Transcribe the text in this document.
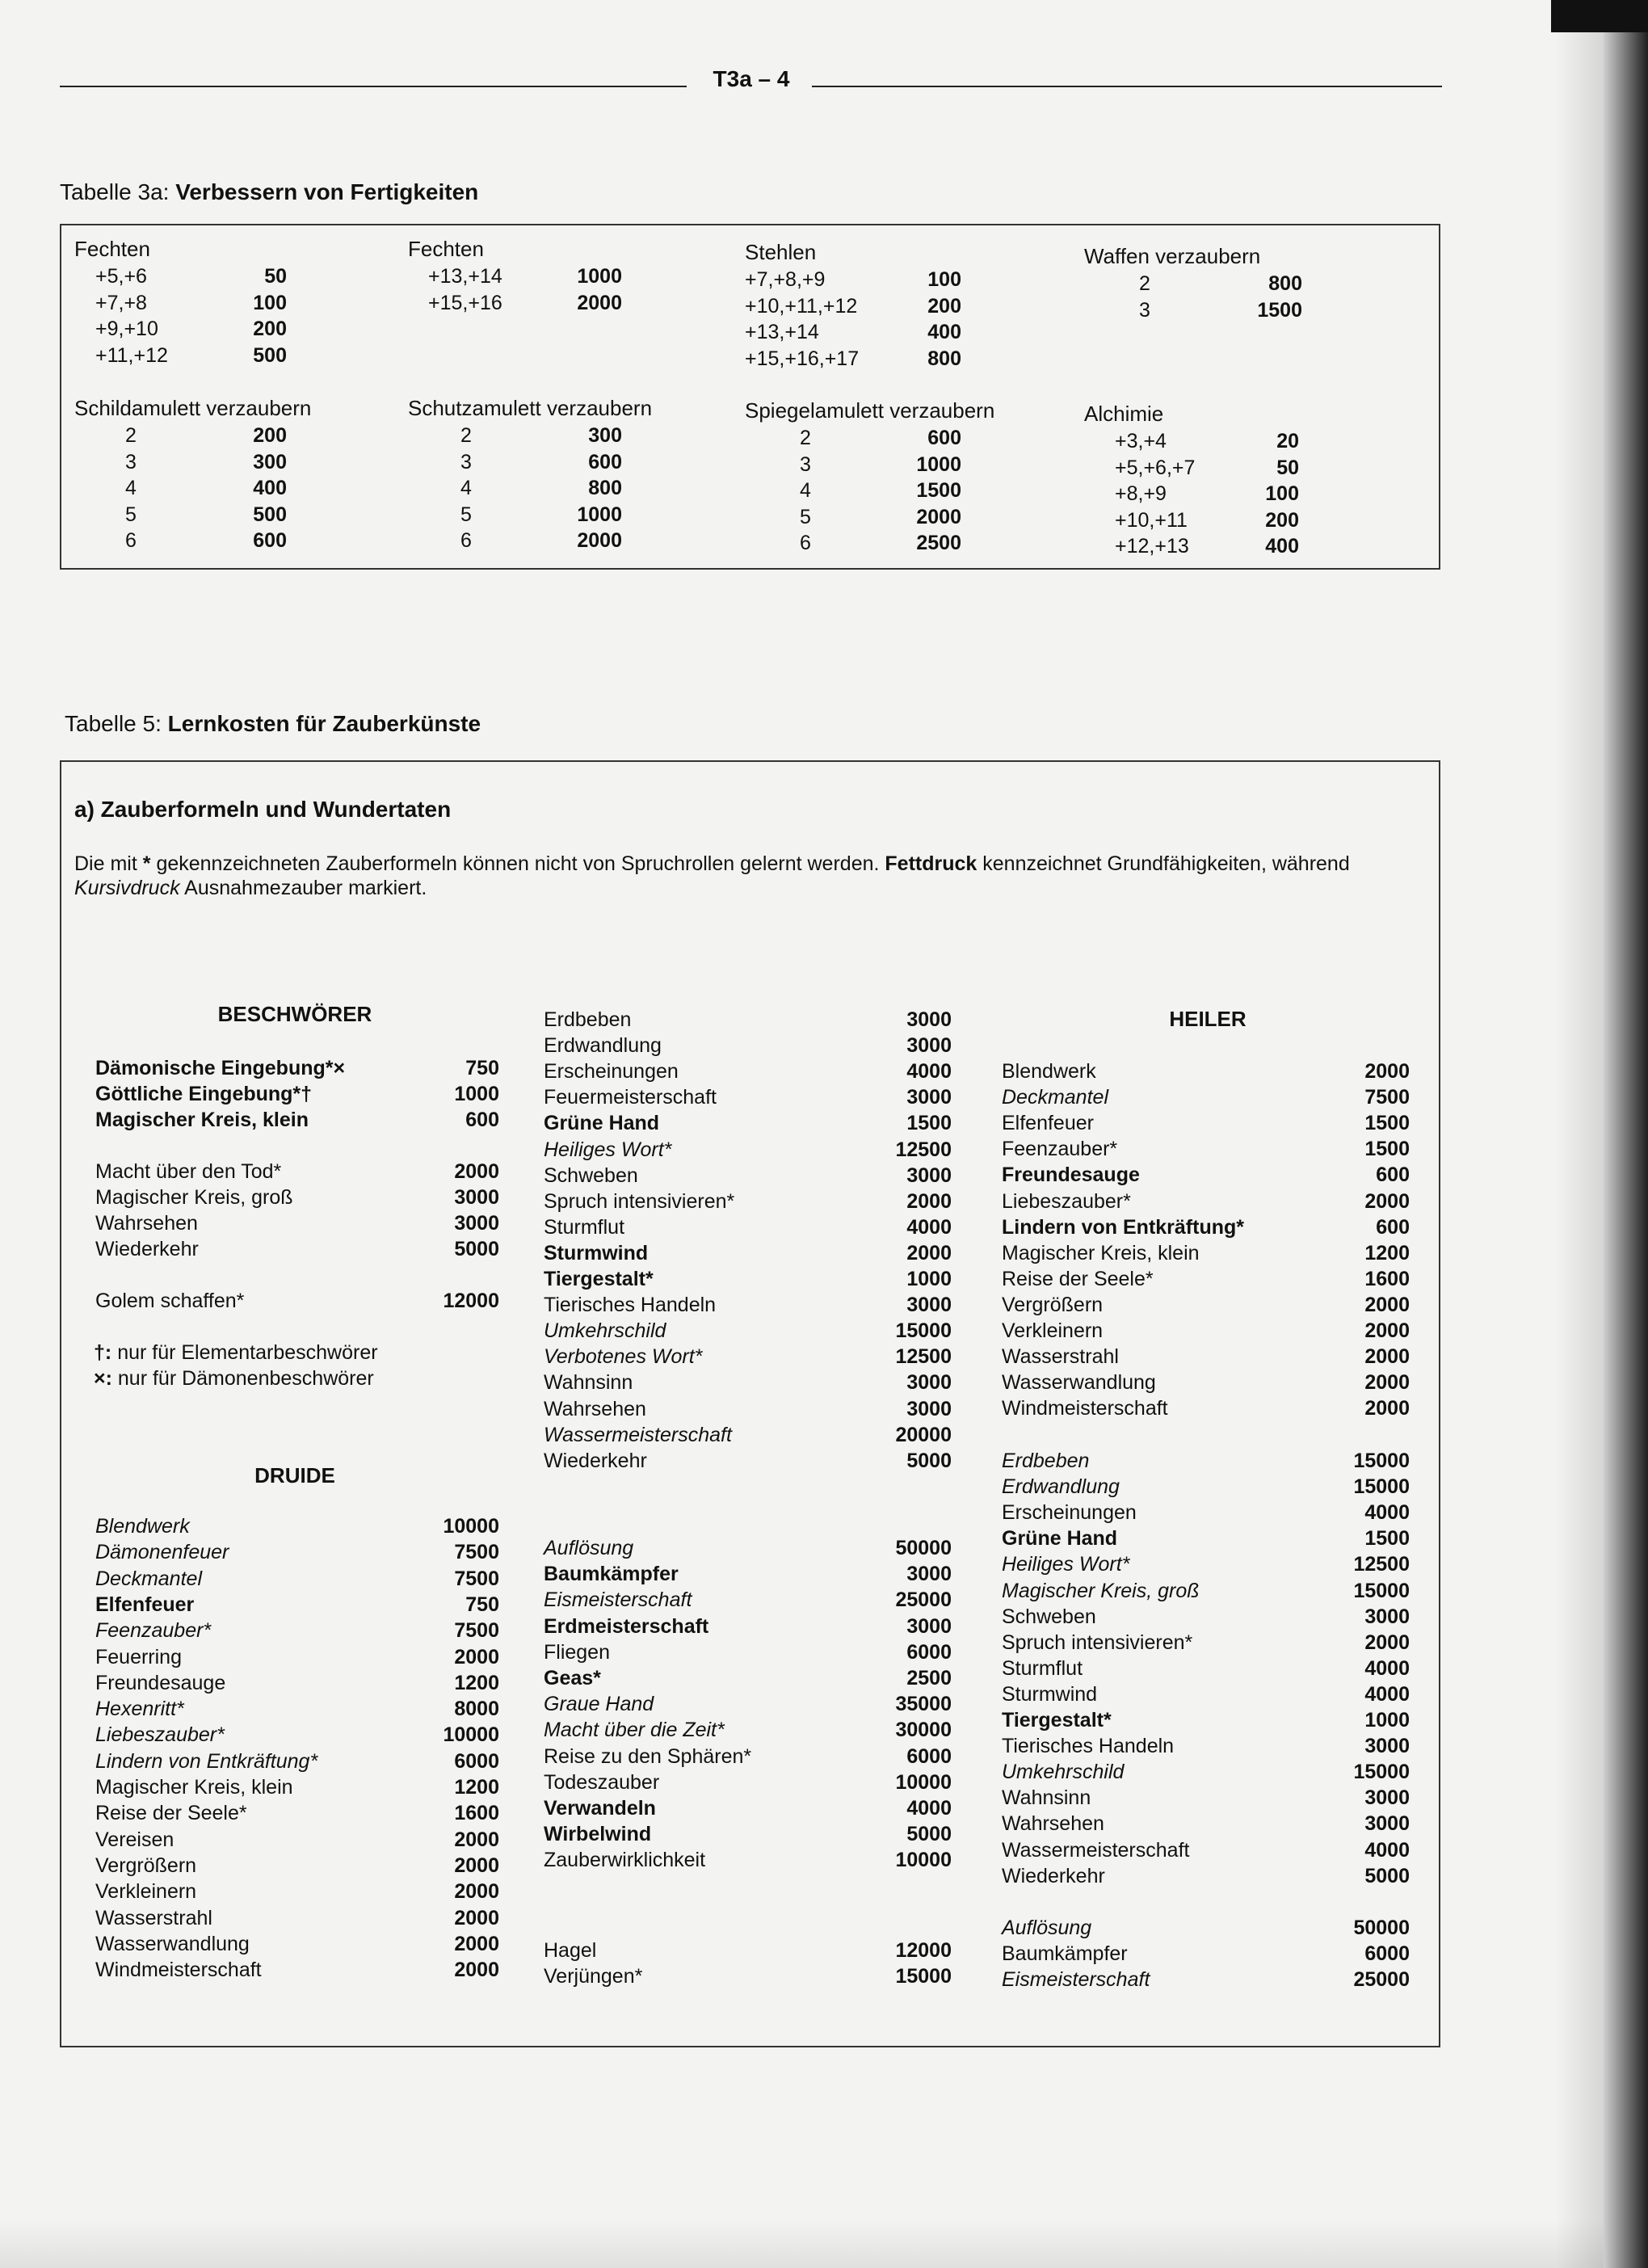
T3a – 4
Tabelle 3a: Verbessern von Fertigkeiten
Fechten
+5,+6	50
+7,+8	100
+9,+10	200
+11,+12	500
Fechten
+13,+14	1000
+15,+16	2000
Stehlen
+7,+8,+9	100
+10,+11,+12	200
+13,+14	400
+15,+16,+17	800
Waffen verzaubern
2	800
3	1500
Schildamulett verzaubern
2	200
3	300
4	400
5	500
6	600
Schutzamulett verzaubern
2	300
3	600
4	800
5	1000
6	2000
Spiegelamulett verzaubern
2	600
3	1000
4	1500
5	2000
6	2500
Alchimie
+3,+4	20
+5,+6,+7	50
+8,+9	100
+10,+11	200
+12,+13	400
Tabelle 5: Lernkosten für Zauberkünste
a) Zauberformeln und Wundertaten
Die mit * gekennzeichneten Zauberformeln können nicht von Spruchrollen gelernt werden. Fettdruck kennzeichnet Grundfähigkeiten, während Kursivdruck Ausnahmezauber markiert.
BESCHWÖRER
DRUIDE
HEILER
†: nur für Elementarbeschwörer
×: nur für Dämonenbeschwörer
Dämonische Eingebung*×	750
Göttliche Eingebung*†	1000
Magischer Kreis, klein	600
Macht über den Tod*	2000
Magischer Kreis, groß	3000
Wahrsehen	3000
Wiederkehr	5000
Golem schaffen*	12000
Blendwerk	10000
Dämonenfeuer	7500
Deckmantel	7500
Elfenfeuer	750
Feenzauber*	7500
Feuerring	2000
Freundesauge	1200
Hexenritt*	8000
Liebeszauber*	10000
Lindern von Entkräftung*	6000
Magischer Kreis, klein	1200
Reise der Seele*	1600
Vereisen	2000
Vergrößern	2000
Verkleinern	2000
Wasserstrahl	2000
Wasserwandlung	2000
Windmeisterschaft	2000
Erdbeben	3000
Erdwandlung	3000
Erscheinungen	4000
Feuermeisterschaft	3000
Grüne Hand	1500
Heiliges Wort*	12500
Schweben	3000
Spruch intensivieren*	2000
Sturmflut	4000
Sturmwind	2000
Tiergestalt*	1000
Tierisches Handeln	3000
Umkehrschild	15000
Verbotenes Wort*	12500
Wahnsinn	3000
Wahrsehen	3000
Wassermeisterschaft	20000
Wiederkehr	5000
Auflösung	50000
Baumkämpfer	3000
Eismeisterschaft	25000
Erdmeisterschaft	3000
Fliegen	6000
Geas*	2500
Graue Hand	35000
Macht über die Zeit*	30000
Reise zu den Sphären*	6000
Todeszauber	10000
Verwandeln	4000
Wirbelwind	5000
Zauberwirklichkeit	10000
Hagel	12000
Verjüngen*	15000
Blendwerk	2000
Deckmantel	7500
Elfenfeuer	1500
Feenzauber*	1500
Freundesauge	600
Liebeszauber*	2000
Lindern von Entkräftung*	600
Magischer Kreis, klein	1200
Reise der Seele*	1600
Vergrößern	2000
Verkleinern	2000
Wasserstrahl	2000
Wasserwandlung	2000
Windmeisterschaft	2000
Erdbeben	15000
Erdwandlung	15000
Erscheinungen	4000
Grüne Hand	1500
Heiliges Wort*	12500
Magischer Kreis, groß	15000
Schweben	3000
Spruch intensivieren*	2000
Sturmflut	4000
Sturmwind	4000
Tiergestalt*	1000
Tierisches Handeln	3000
Umkehrschild	15000
Wahnsinn	3000
Wahrsehen	3000
Wassermeisterschaft	4000
Wiederkehr	5000
Auflösung	50000
Baumkämpfer	6000
Eismeisterschaft	25000
